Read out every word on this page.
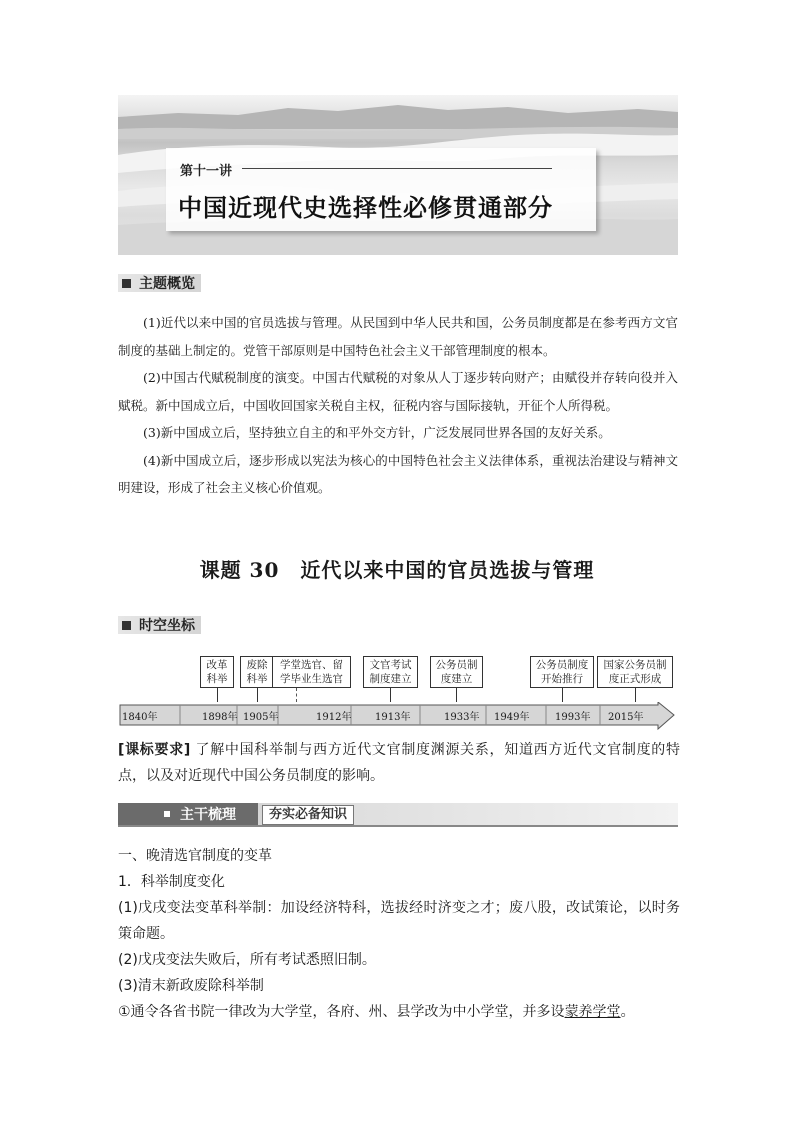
第十一讲
中国近现代史选择性必修贯通部分
主题概览

(1)近代以来中国的官员选拔与管理。从民国到中华人民共和国，公务员制度都是在参考西方文官制度的基础上制定的。党管干部原则是中国特色社会主义干部管理制度的根本。

(2)中国古代赋税制度的演变。中国古代赋税的对象从人丁逐步转向财产；由赋役并存转向役并入赋税。新中国成立后，中国收回国家关税自主权，征税内容与国际接轨，开征个人所得税。

(3)新中国成立后，坚持独立自主的和平外交方针，广泛发展同世界各国的友好关系。

(4)新中国成立后，逐步形成以宪法为核心的中国特色社会主义法律体系，重视法治建设与精神文明建设，形成了社会主义核心价值观。

课题 30　近代以来中国的官员选拔与管理
时空坐标
改革
科举
废除
科举
学堂选官、留
学毕业生选官
文官考试
制度建立
公务员制
度建立
公务员制度
开始推行
国家公务员制
度正式形成
1840年	1898年 1905年	1912年 1913年	1933年 1949年	1993年 2015年
[课标要求] 了解中国科举制与西方近代文官制度渊源关系，知道西方近代文官制度的特点，以及对近现代中国公务员制度的影响。
主干梳理	夯实必备知识

一、晚清选官制度的变革

1．科举制度变化

(1)戊戌变法变革科举制：加设经济特科，选拔经时济变之才；废八股，改试策论，以时务策命题。

(2)戊戌变法失败后，所有考试悉照旧制。

(3)清末新政废除科举制

①通令各省书院一律改为大学堂，各府、州、县学改为中小学堂，并多设蒙养学堂。
